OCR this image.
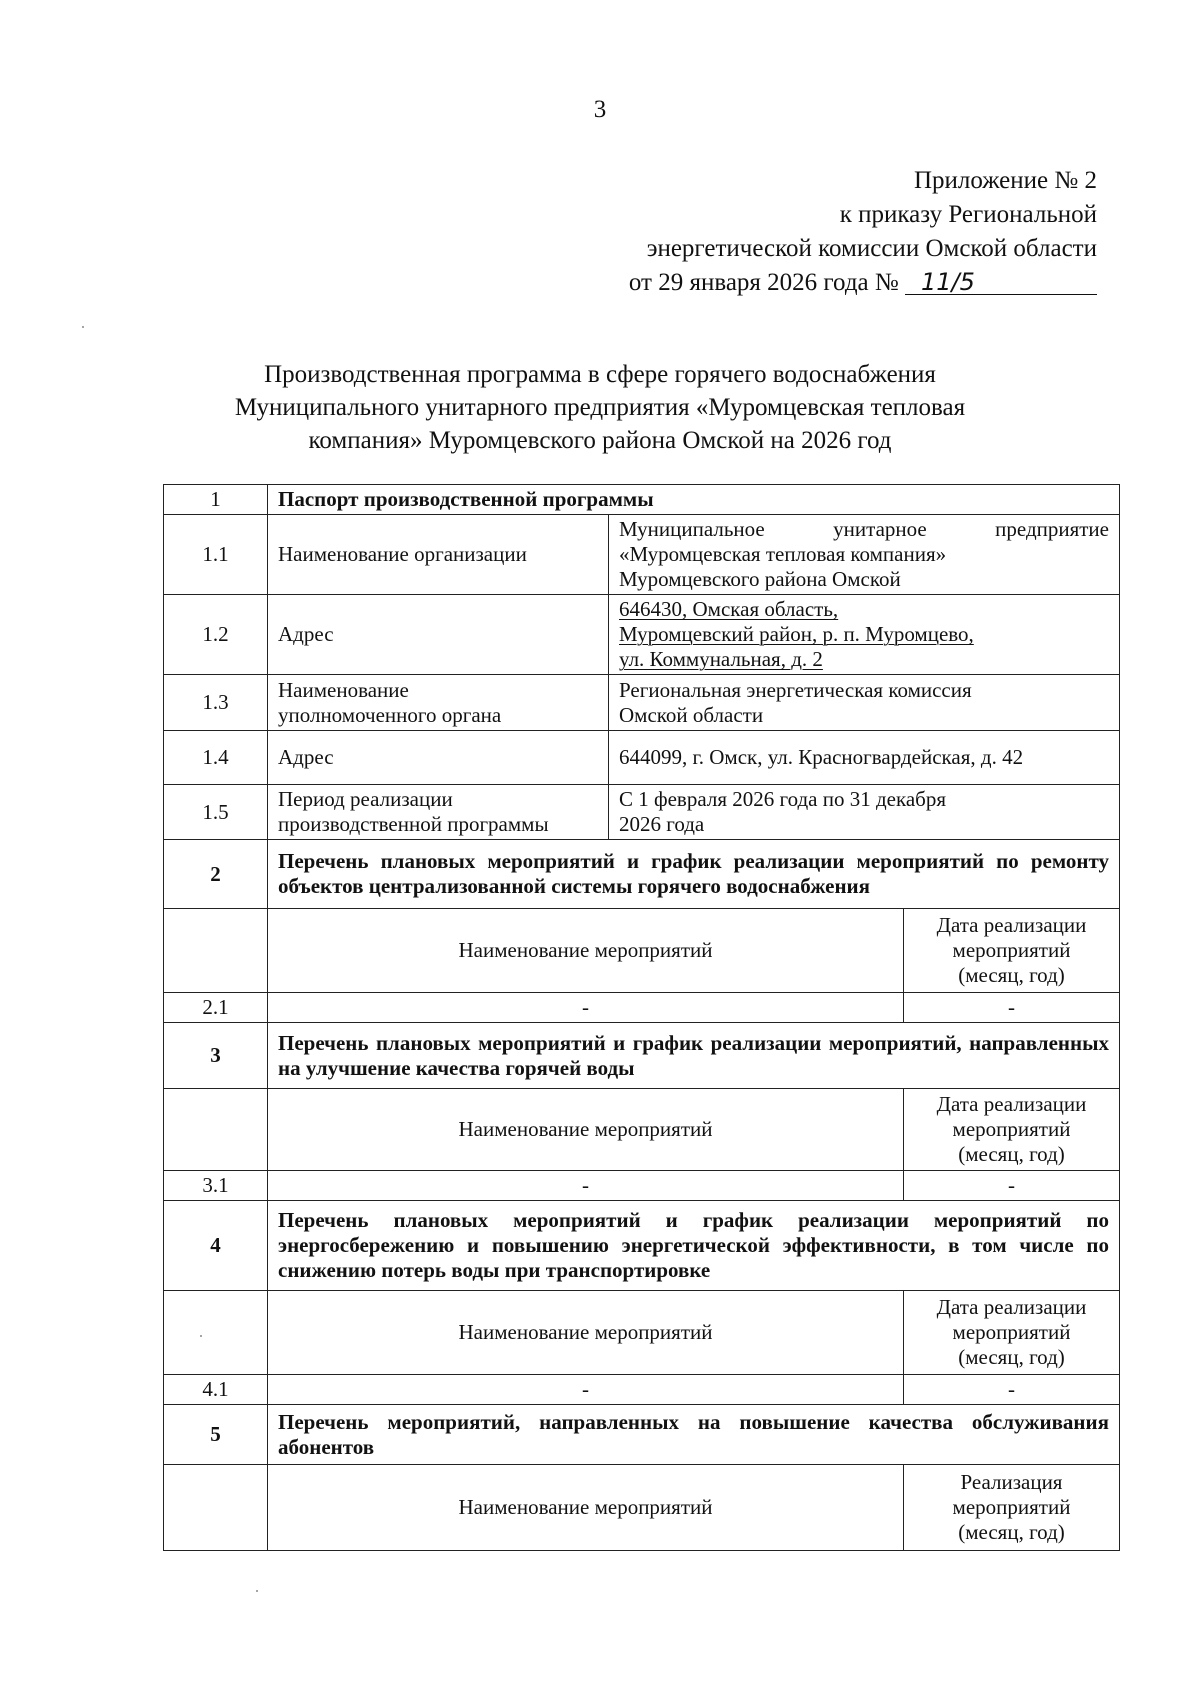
3
Приложение № 2
к приказу Региональной
энергетической комиссии Омской области
от 29 января 2026 года № 11/5
Производственная программа в сфере горячего водоснабжения
Муниципального унитарного предприятия «Муромцевская тепловая
компания» Муромцевского района Омской на 2026 год
1	Паспорт производственной программы		
1.1	Наименование организации	Муниципальное унитарное предприятие «Муромцевская тепловая компания»
Муромцевского района Омской	

1.2	Адрес	646430, Омская область,
Муромцевский район, р. п. Муромцево,
ул. Коммунальная, д. 2	

1.3	Наименование
уполномоченного органа	Региональная энергетическая комиссия
Омской области	

1.4	Адрес	644099, г. Омск, ул. Красногвардейская, д. 42	
1.5	Период реализации
производственной программы	С 1 февраля 2026 года по 31 декабря
2026 года	

2	Перечень плановых мероприятий и график реализации мероприятий по ремонту объектов централизованной системы горячего водоснабжения		
	Наименование мероприятий		Дата реализации
мероприятий
(месяц, год)

2.1	-		-
3	Перечень плановых мероприятий и график реализации мероприятий, направленных на улучшение качества горячей воды		
	Наименование мероприятий		Дата реализации
мероприятий
(месяц, год)

3.1	-		-
4	Перечень плановых мероприятий и график реализации мероприятий по энергосбережению и повышению энергетической эффективности, в том числе по снижению потерь воды при транспортировке		
	Наименование мероприятий		Дата реализации
мероприятий
(месяц, год)

4.1	-		-
5	Перечень мероприятий, направленных на повышение качества обслуживания абонентов		
	Наименование мероприятий		Реализация
мероприятий
(месяц, год)
